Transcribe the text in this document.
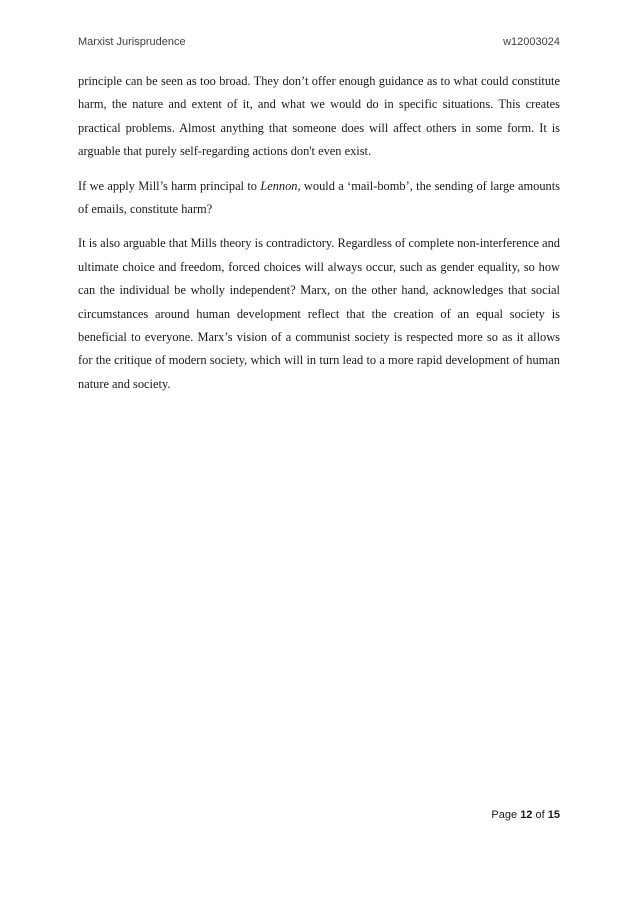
Marxist Jurisprudence	w12003024

principle can be seen as too broad. They don’t offer enough guidance as to what could constitute harm, the nature and extent of it, and what we would do in specific situations. This creates practical problems. Almost anything that someone does will affect others in some form. It is arguable that purely self-regarding actions don't even exist.

If we apply Mill’s harm principal to Lennon, would a ‘mail-bomb’, the sending of large amounts of emails, constitute harm?

It is also arguable that Mills theory is contradictory. Regardless of complete non-interference and ultimate choice and freedom, forced choices will always occur, such as gender equality, so how can the individual be wholly independent? Marx, on the other hand, acknowledges that social circumstances around human development reflect that the creation of an equal society is beneficial to everyone. Marx’s vision of a communist society is respected more so as it allows for the critique of modern society, which will in turn lead to a more rapid development of human nature and society.

Page 12 of 15
